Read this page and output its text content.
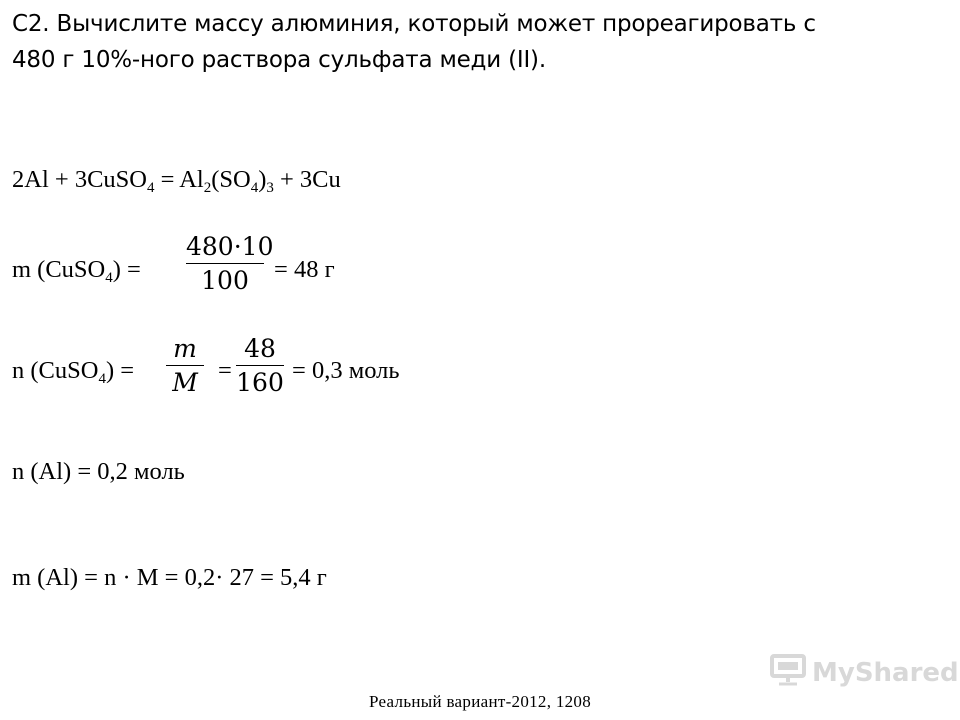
С2. Вычислите массу алюминия, который может прореагировать с
480 г 10%-ного раствора сульфата меди (II).
2Al + 3CuSO$_4$ = $Al_2(SO_4)_3 + 3Cu$
m (CuSO$_4$) =
480·10
100	= 48 г
n (CuSO$_4$) =
m
M =
48
160 = 0,3 моль
n (Al) = 0,2 моль
m (Al) = n · M = 0,2· 27 = 5,4 г
MyShared
Реальный вариант-2012, 1208
